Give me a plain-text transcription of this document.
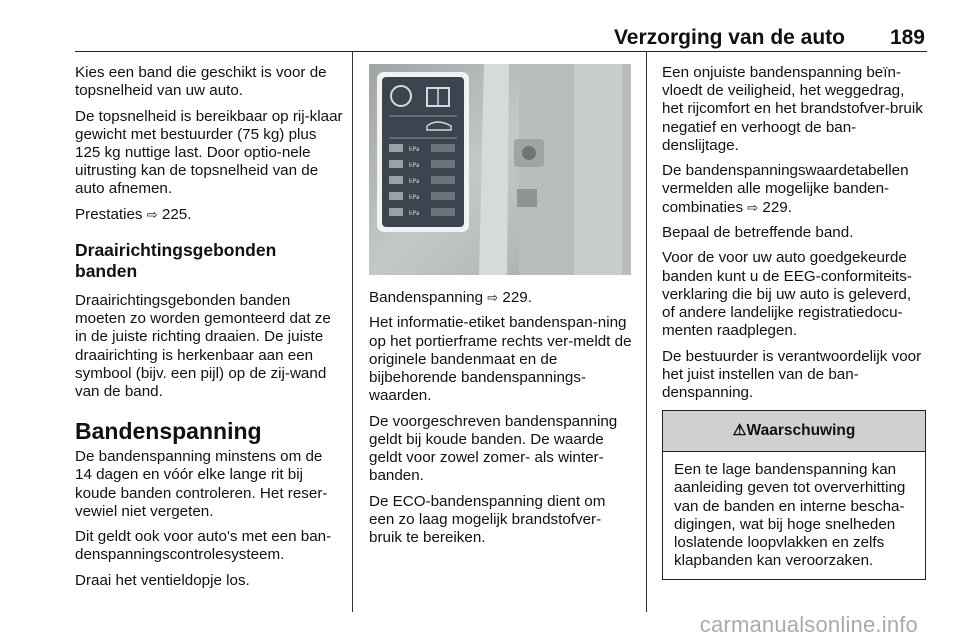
Verzorging van de auto 189

Kies een band die geschikt is voor de topsnelheid van uw auto.

De topsnelheid is bereikbaar op rij-klaar gewicht met bestuurder (75 kg) plus 125 kg nuttige last. Door optio-nele uitrusting kan de topsnelheid van de auto afnemen.

Prestaties ⇨ 225.

Draairichtingsgebonden banden

Draairichtingsgebonden banden moeten zo worden gemonteerd dat ze in de juiste richting draaien. De juiste draairichting is herkenbaar aan een symbool (bijv. een pijl) op de zij-wand van de band.

Bandenspanning

De bandenspanning minstens om de 14 dagen en vóór elke lange rit bij koude banden controleren. Het reser-vewiel niet vergeten.

Dit geldt ook voor auto's met een ban-denspanningscontrolesysteem.

Draai het ventieldopje los.

kPa
kPa
kPa
kPa
kPa

Bandenspanning ⇨ 229.

Het informatie-etiket bandenspan-ning op het portierframe rechts ver-meldt de originele bandenmaat en de bijbehorende bandenspannings-waarden.

De voorgeschreven bandenspanning geldt bij koude banden. De waarde geldt voor zowel zomer- als winter-banden.

De ECO-bandenspanning dient om een zo laag mogelijk brandstofver-bruik te bereiken.

Een onjuiste bandenspanning beïn-vloedt de veiligheid, het weggedrag, het rijcomfort en het brandstofver-bruik negatief en verhoogt de ban-denslijtage.

De bandenspanningswaardetabellen vermelden alle mogelijke banden-combinaties ⇨ 229.

Bepaal de betreffende band.

Voor de voor uw auto goedgekeurde banden kunt u de EEG-conformiteits-verklaring die bij uw auto is geleverd, of andere landelijke registratiedocu-menten raadplegen.

De bestuurder is verantwoordelijk voor het juist instellen van de ban-denspanning.

⚠Waarschuwing
Een te lage bandenspanning kan aanleiding geven tot oververhitting van de banden en interne bescha-digingen, wat bij hoge snelheden loslatende loopvlakken en zelfs klapbanden kan veroorzaken.
carmanualsonline.info
